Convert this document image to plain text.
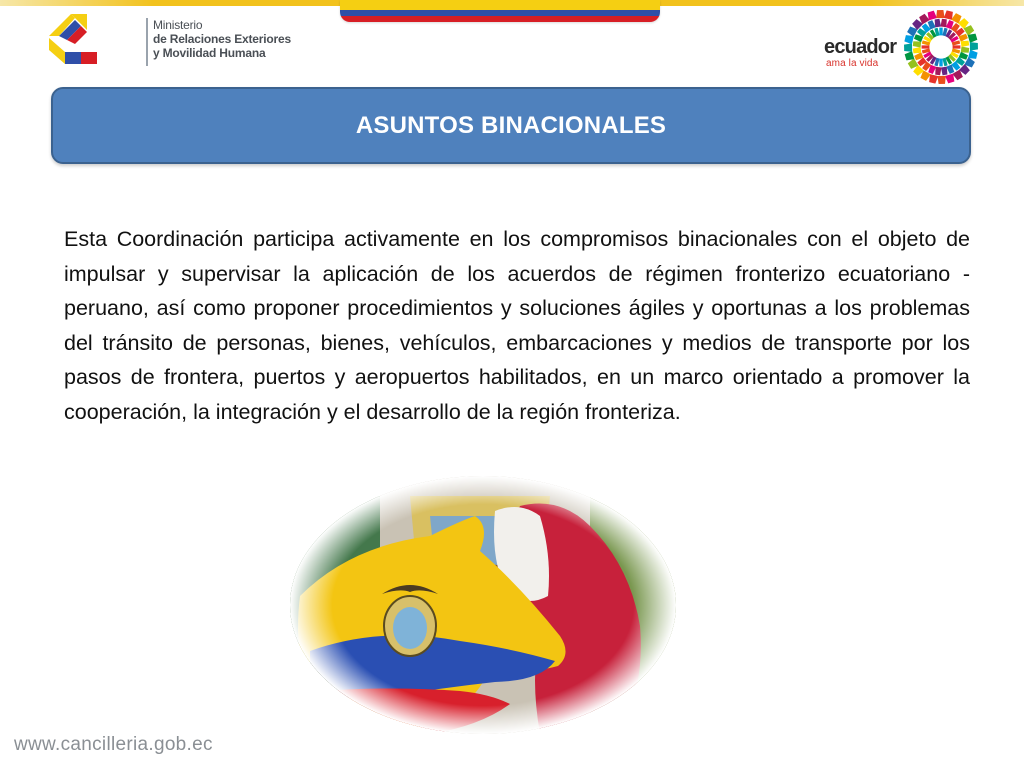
Ministerio
de Relaciones Exteriores
y Movilidad Humana	ecuador
ama la vida
ASUNTOS BINACIONALES

Esta Coordinación participa activamente en los compromisos binacionales con el objeto de impulsar y supervisar la aplicación de los acuerdos de régimen fronterizo ecuatoriano - peruano, así como proponer procedimientos y soluciones ágiles y oportunas a los problemas del tránsito de personas, bienes, vehículos, embarcaciones y medios de transporte por los pasos de frontera, puertos y aeropuertos habilitados, en un marco orientado a promover la cooperación, la integración y el desarrollo de la región fronteriza.

www.cancilleria.gob.ec
